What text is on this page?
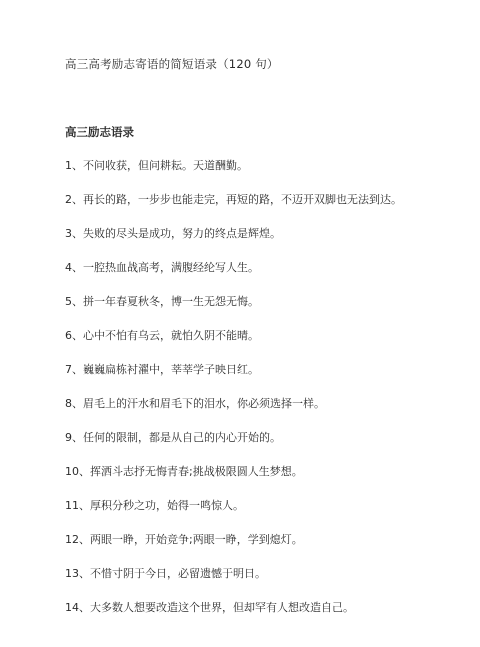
高三高考励志寄语的简短语录（120 句）
高三励志语录
1、不问收获，但问耕耘。天道酬勤。
2、再长的路，一步步也能走完，再短的路，不迈开双脚也无法到达。
3、失败的尽头是成功，努力的终点是辉煌。
4、一腔热血战高考，满腹经纶写人生。
5、拼一年春夏秋冬，博一生无怨无悔。
6、心中不怕有乌云，就怕久阴不能晴。
7、巍巍扁栋衬濯中，莘莘学子映日红。
8、眉毛上的汗水和眉毛下的泪水，你必须选择一样。
9、任何的限制，都是从自己的内心开始的。
10、挥洒斗志抒无悔青春;挑战极限圆人生梦想。
11、厚积分秒之功，始得一鸣惊人。
12、两眼一睁，开始竞争;两眼一睁，学到熄灯。
13、不惜寸阴于今日，必留遗憾于明日。
14、大多数人想要改造这个世界，但却罕有人想改造自己。
